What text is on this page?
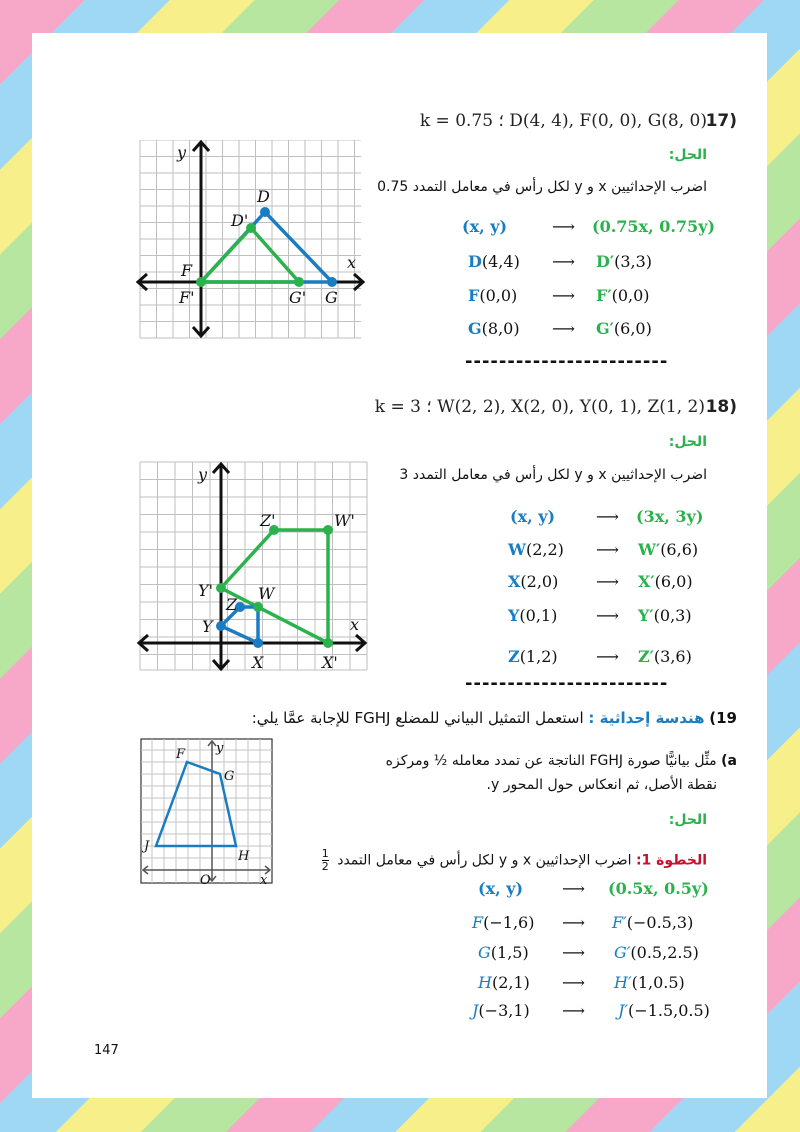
k = 0.75 ؛ D(4, 4), F(0, 0), G(8, 0)
17)
y
x
D
D'
F
F'	G' G
الحل:
اضرب الإحداثيين x و y لكل رأس في معامل التمدد 0.75
(x, y)	⟶ (0.75x, 0.75y)
D(4,4) ⟶ D′(3,3)
F(0,0) ⟶ F′(0,0)
G(8,0) ⟶ G′(6,0)
------------------------
k = 3 ؛ W(2, 2), X(2, 0), Y(0, 1), Z(1, 2) 18)
y
x
Z'	W'
Y'
Z
W
Y
X	X'
الحل:
اضرب الإحداثيين x و y لكل رأس في معامل التمدد 3
(x, y)	⟶ (3x, 3y)
W(2,2) ⟶ W′(6,6)
X(2,0) ⟶ X′(6,0)
Y(0,1) ⟶ Y′(0,3)
Z(1,2) ⟶ Z′(3,6)
------------------------
19) هندسة إحداثية : استعمل التمثيل البياني للمضلع FGHJ للإجابة عمَّا يلي:
F y
G
J
H
O	x
a) مثِّل بيانيًّا صورة FGHJ الناتجة عن تمدد معامله ½ ومركزه
نقطة الأصل، ثم انعكاس حول المحور y.
الحل:
الخطوة 1: اضرب الإحداثيين x و y لكل رأس في معامل التمدد
$\frac{1}{2}$
(x, y) ⟶ (0.5x, 0.5y)
F(−1,6) ⟶ F′(−0.5,3)
G(1,5) ⟶ G′(0.5,2.5)
H(2,1) ⟶ H′(1,0.5)
J(−3,1) ⟶ J′(−1.5,0.5)
147
